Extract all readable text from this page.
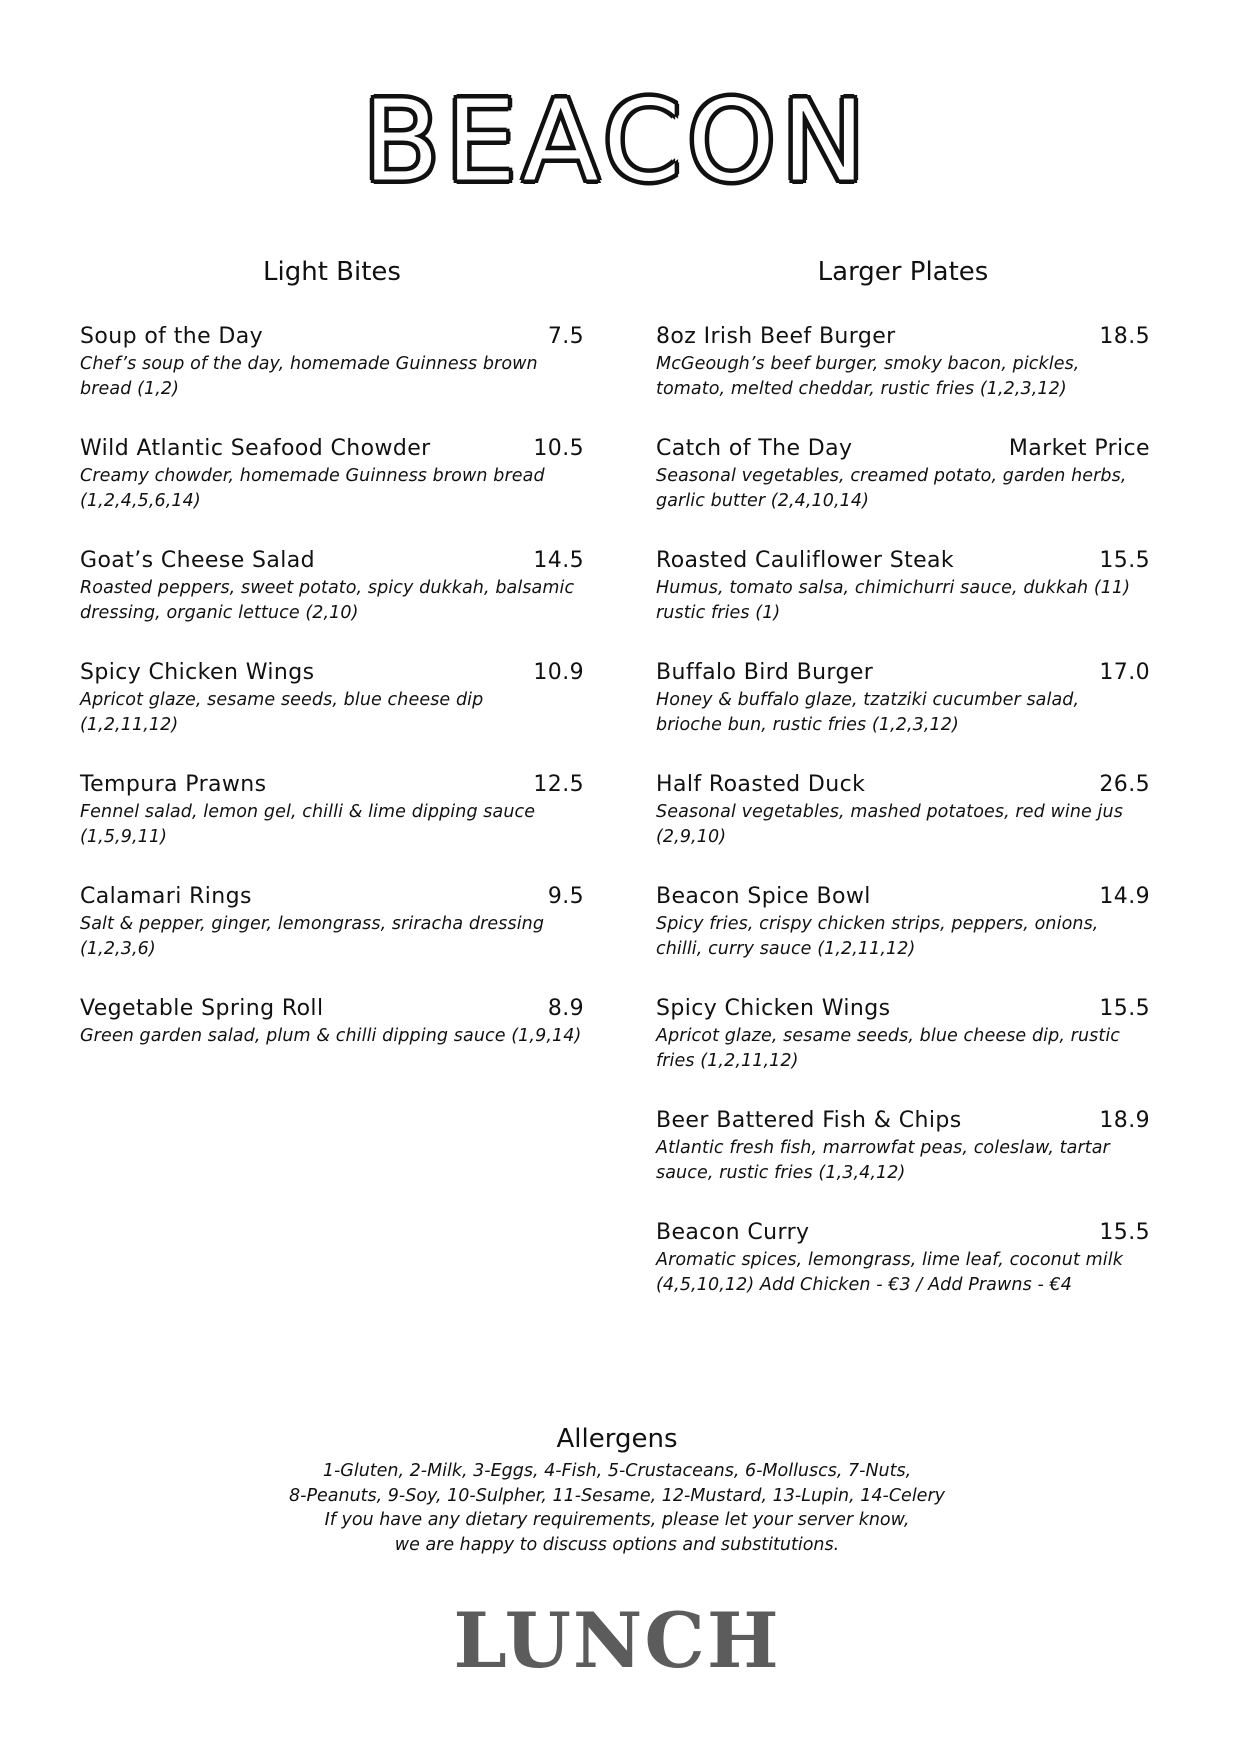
BEACON
Light Bites
Soup of the Day	7.5
Chef’s soup of the day, homemade Guinness brown bread (1,2)
Wild Atlantic Seafood Chowder	10.5
Creamy chowder, homemade Guinness brown bread (1,2,4,5,6,14)
Goat’s Cheese Salad	14.5
Roasted peppers, sweet potato, spicy dukkah, balsamic dressing, organic lettuce (2,10)
Spicy Chicken Wings	10.9
Apricot glaze, sesame seeds, blue cheese dip (1,2,11,12)
Tempura Prawns	12.5
Fennel salad, lemon gel, chilli & lime dipping sauce (1,5,9,11)
Calamari Rings	9.5
Salt & pepper, ginger, lemongrass, sriracha dressing (1,2,3,6)
Vegetable Spring Roll	8.9
Green garden salad, plum & chilli dipping sauce (1,9,14)
Larger Plates
8oz Irish Beef Burger	18.5
McGeough’s beef burger, smoky bacon, pickles, tomato, melted cheddar, rustic fries (1,2,3,12)
Catch of The Day	Market Price
Seasonal vegetables, creamed potato, garden herbs, garlic butter (2,4,10,14)
Roasted Cauliflower Steak	15.5
Humus, tomato salsa, chimichurri sauce, dukkah (11) rustic fries (1)
Buffalo Bird Burger	17.0
Honey & buffalo glaze, tzatziki cucumber salad, brioche bun, rustic fries (1,2,3,12)
Half Roasted Duck	26.5
Seasonal vegetables, mashed potatoes, red wine jus (2,9,10)
Beacon Spice Bowl	14.9
Spicy fries, crispy chicken strips, peppers, onions, chilli, curry sauce (1,2,11,12)
Spicy Chicken Wings	15.5
Apricot glaze, sesame seeds, blue cheese dip, rustic fries (1,2,11,12)
Beer Battered Fish & Chips	18.9
Atlantic fresh fish, marrowfat peas, coleslaw, tartar sauce, rustic fries (1,3,4,12)
Beacon Curry	15.5
Aromatic spices, lemongrass, lime leaf, coconut milk (4,5,10,12) Add Chicken - €3 / Add Prawns - €4
Allergens
1-Gluten, 2-Milk, 3-Eggs, 4-Fish, 5-Crustaceans, 6-Molluscs, 7-Nuts,
8-Peanuts, 9-Soy, 10-Sulpher, 11-Sesame, 12-Mustard, 13-Lupin, 14-Celery
If you have any dietary requirements, please let your server know,
we are happy to discuss options and substitutions.
LUNCH
